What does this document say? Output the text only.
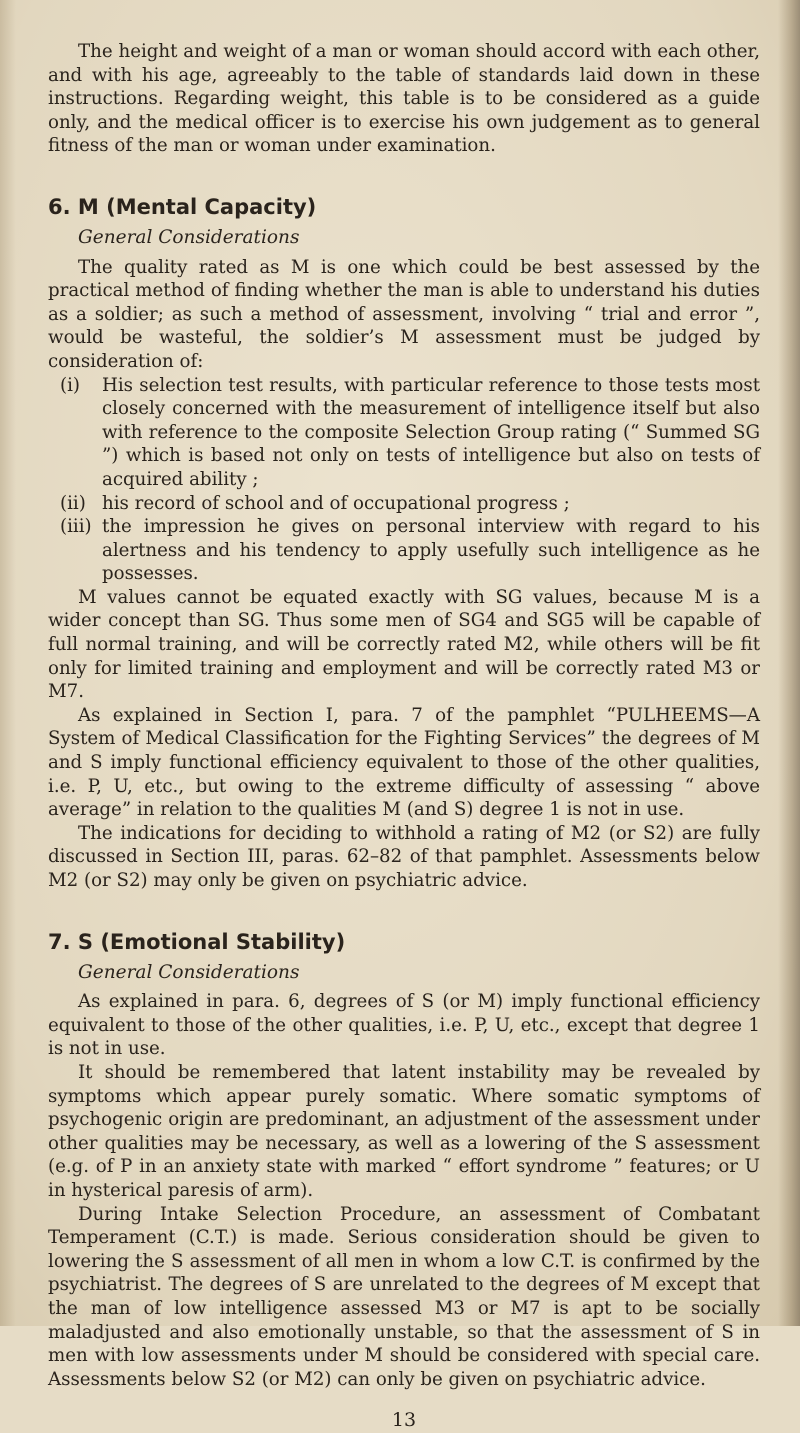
The height and weight of a man or woman should accord with each other, and with his age, agreeably to the table of standards laid down in these instructions. Regarding weight, this table is to be considered as a guide only, and the medical officer is to exercise his own judgement as to general fitness of the man or woman under examination.

6. M (Mental Capacity)
General Considerations

The quality rated as M is one which could be best assessed by the practical method of finding whether the man is able to understand his duties as a soldier; as such a method of assessment, involving “ trial and error ”, would be wasteful, the soldier’s M assessment must be judged by consideration of:

(i)	His selection test results, with particular reference to those tests most closely concerned with the measurement of intelligence itself but also with reference to the composite Selection Group rating (“ Summed SG ”) which is based not only on tests of intelligence but also on tests of acquired ability ;
(ii) his record of school and of occupational progress ;
(iii) the impression he gives on personal interview with regard to his alertness and his tendency to apply usefully such intelligence as he possesses.

M values cannot be equated exactly with SG values, because M is a wider concept than SG. Thus some men of SG4 and SG5 will be capable of full normal training, and will be correctly rated M2, while others will be fit only for limited training and employment and will be correctly rated M3 or M7.

As explained in Section I, para. 7 of the pamphlet “PULHEEMS—A System of Medical Classification for the Fighting Services” the degrees of M and S imply functional efficiency equivalent to those of the other qualities, i.e. P, U, etc., but owing to the extreme difficulty of assessing “ above average” in relation to the qualities M (and S) degree 1 is not in use.

The indications for deciding to withhold a rating of M2 (or S2) are fully discussed in Section III, paras. 62–82 of that pamphlet. Assessments below M2 (or S2) may only be given on psychiatric advice.

7. S (Emotional Stability)
General Considerations

As explained in para. 6, degrees of S (or M) imply functional efficiency equivalent to those of the other qualities, i.e. P, U, etc., except that degree 1 is not in use.

It should be remembered that latent instability may be revealed by symptoms which appear purely somatic. Where somatic symptoms of psychogenic origin are predominant, an adjustment of the assessment under other qualities may be necessary, as well as a lowering of the S assessment (e.g. of P in an anxiety state with marked “ effort syndrome ” features; or U in hysterical paresis of arm).

During Intake Selection Procedure, an assessment of Combatant Temperament (C.T.) is made. Serious consideration should be given to lowering the S assessment of all men in whom a low C.T. is confirmed by the psychiatrist. The degrees of S are unrelated to the degrees of M except that the man of low intelligence assessed M3 or M7 is apt to be socially maladjusted and also emotionally unstable, so that the assessment of S in men with low assessments under M should be considered with special care. Assessments below S2 (or M2) can only be given on psychiatric advice.

13
